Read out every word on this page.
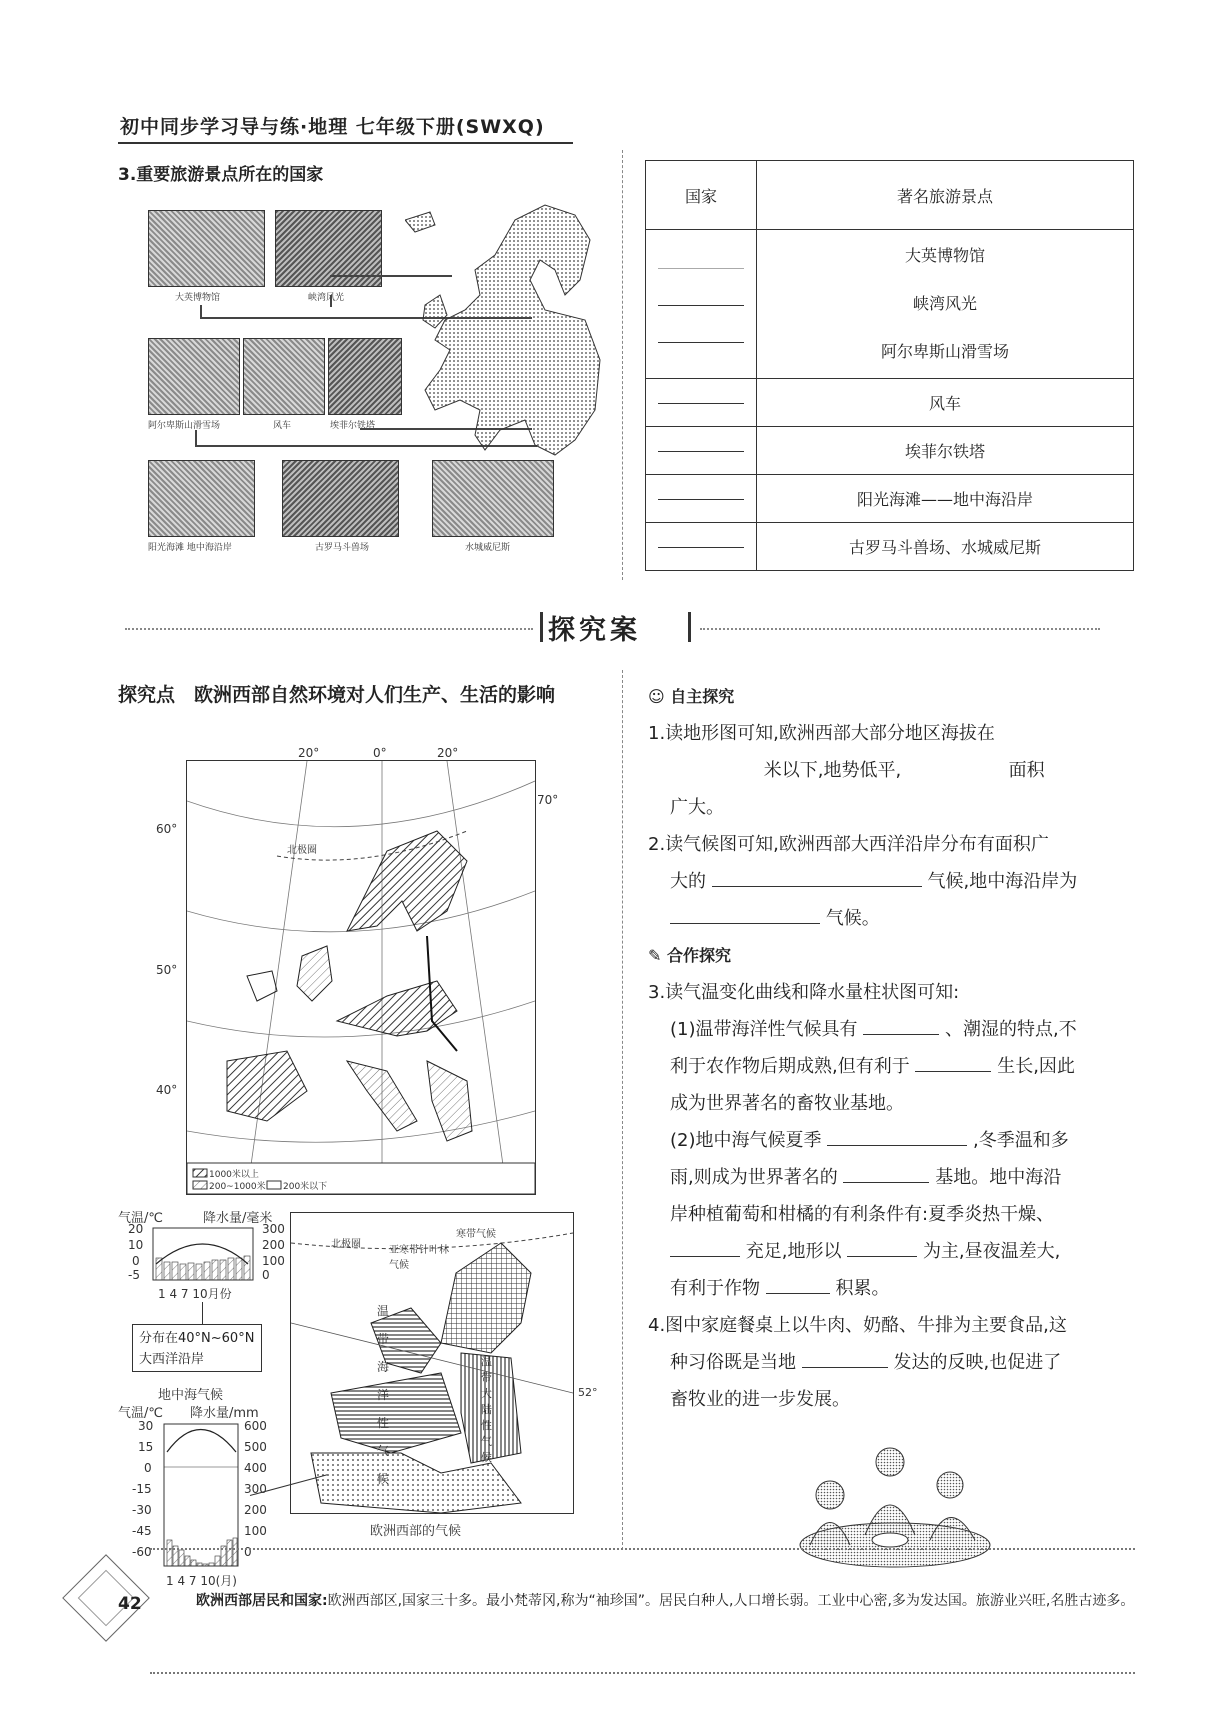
初中同步学习导与练·地理 七年级下册(SWXQ)
3.重要旅游景点所在的国家
大英博物馆	峡湾风光
阿尔卑斯山滑雪场	风车	埃菲尔铁塔
阳光海滩 地中海沿岸	古罗马斗兽场	水城威尼斯
国家	著名旅游景点

	大英博物馆
峡湾风光
阿尔卑斯山滑雪场

	风车
	埃菲尔铁塔
	阳光海滩——地中海沿岸
	古罗马斗兽场、水城威尼斯
探究案
探究点　欧洲西部自然环境对人们生产、生活的影响
1000米以上
200~1000米 200米以下
北极圈
20°	0°	20°
70°
60°
50°
40°
气温/℃	降水量/毫米
20
10
0
-5
300
200
100
0
1 4 7 10月份
分布在40°N~60°N
大西洋沿岸
地中海气候
气温/℃ 降水量/mm
30
15
0
-15
-30
-45
-60
600
500
400
300
200
100
0
1 4 7 10(月)
北极圈
亚寒带针叶林气候
寒带气候
温带海洋性气候
温带大陆性气候
52°
欧洲西部的气候
☺ 自主探究
1.读地形图可知,欧洲西部大部分地区海拔在
米以下,地势低平,	面积
广大。
2.读气候图可知,欧洲西部大西洋沿岸分布有面积广
大的	气候,地中海沿岸为
气候。
✎ 合作探究
3.读气温变化曲线和降水量柱状图可知:
(1)温带海洋性气候具有	、潮湿的特点,不
利于农作物后期成熟,但有利于	生长,因此
成为世界著名的畜牧业基地。
(2)地中海气候夏季	,冬季温和多
雨,则成为世界著名的	基地。地中海沿
岸种植葡萄和柑橘的有利条件有:夏季炎热干燥、
充足,地形以	为主,昼夜温差大,
有利于作物	积累。
4.图中家庭餐桌上以牛肉、奶酪、牛排为主要食品,这
种习俗既是当地	发达的反映,也促进了
畜牧业的进一步发展。
42	欧洲西部居民和国家:欧洲西部区,国家三十多。最小梵蒂冈,称为“袖珍国”。居民白种人,人口增长弱。工业中心密,多为发达国。旅游业兴旺,名胜古迹多。
